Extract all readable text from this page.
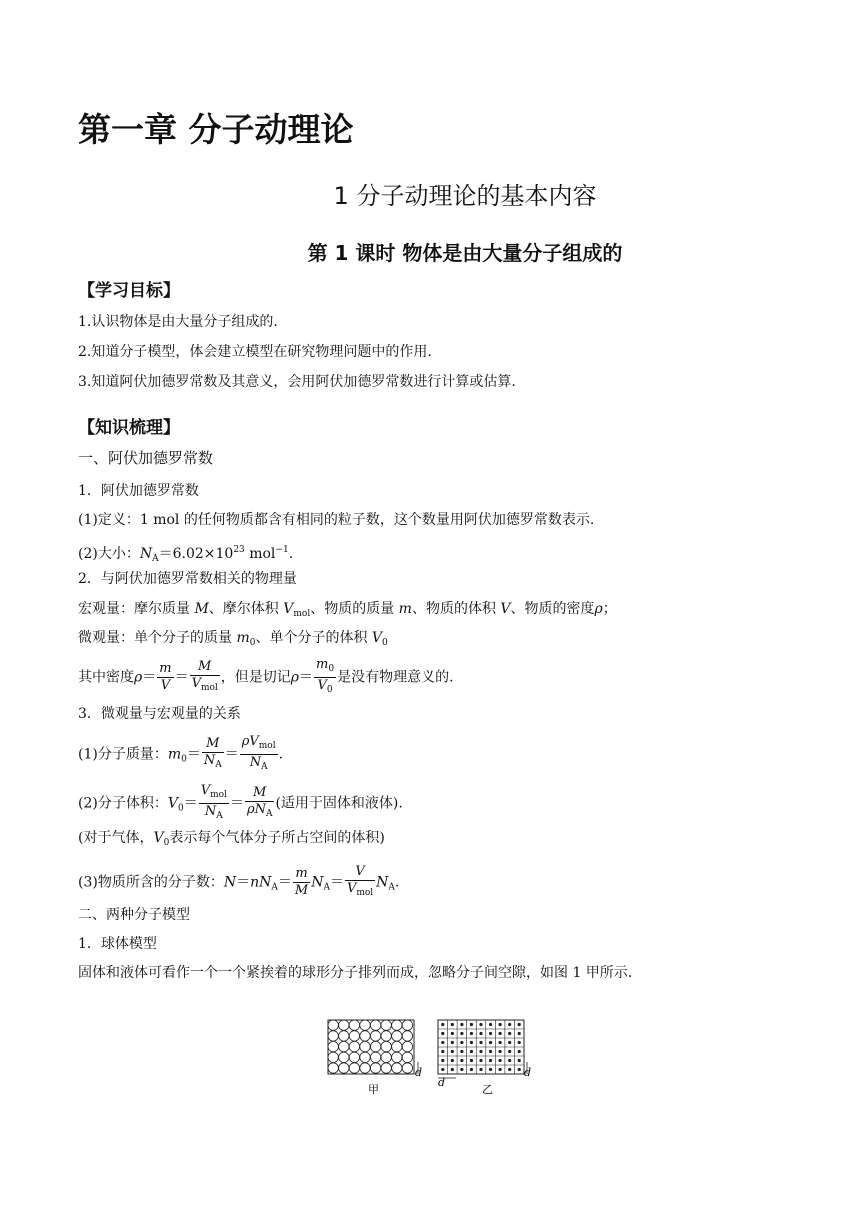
第一章 分子动理论
1 分子动理论的基本内容
第 1 课时 物体是由大量分子组成的
【学习目标】
1.认识物体是由大量分子组成的.
2.知道分子模型，体会建立模型在研究物理问题中的作用.
3.知道阿伏加德罗常数及其意义，会用阿伏加德罗常数进行计算或估算.
【知识梳理】
一、阿伏加德罗常数
1．阿伏加德罗常数
(1)定义：1 mol 的任何物质都含有相同的粒子数，这个数量用阿伏加德罗常数表示.
(2)大小：$N_A=6.02\times 10^{23}$ mol$^{-1}$.
2．与阿伏加德罗常数相关的物理量
宏观量：摩尔质量 M、摩尔体积 $V_{mol}$、物质的质量 m、物质的体积 V、物质的密度ρ；
微观量：单个分子的质量 $m_0$、单个分子的体积 $V_0$
其中密度$\rho= \frac{m}{V} = \frac{M}{V_{mol}}$ ，但是切记$\rho= \frac{m_0}{V_0}$ 是没有物理意义的.
3．微观量与宏观量的关系
(1)分子质量：$m_0= \frac{M}{N_A} = \frac{\rho V_{mol}}{N_A}$ .
(2)分子体积：$V_0= \frac{V_{mol}}{N_A} = \frac{M}{\rho N_A}$ (适用于固体和液体).
(对于气体，$V_0$表示每个气体分子所占空间的体积)
(3)物质所含的分子数：$N=nN_A= \frac{m}{M} N_A= \frac{V}{V_{mol}} N_A$.
二、两种分子模型
1．球体模型
固体和液体可看作一个一个紧挨着的球形分子排列而成，忽略分子间空隙，如图 1 甲所示.
d
甲
d
d
乙
